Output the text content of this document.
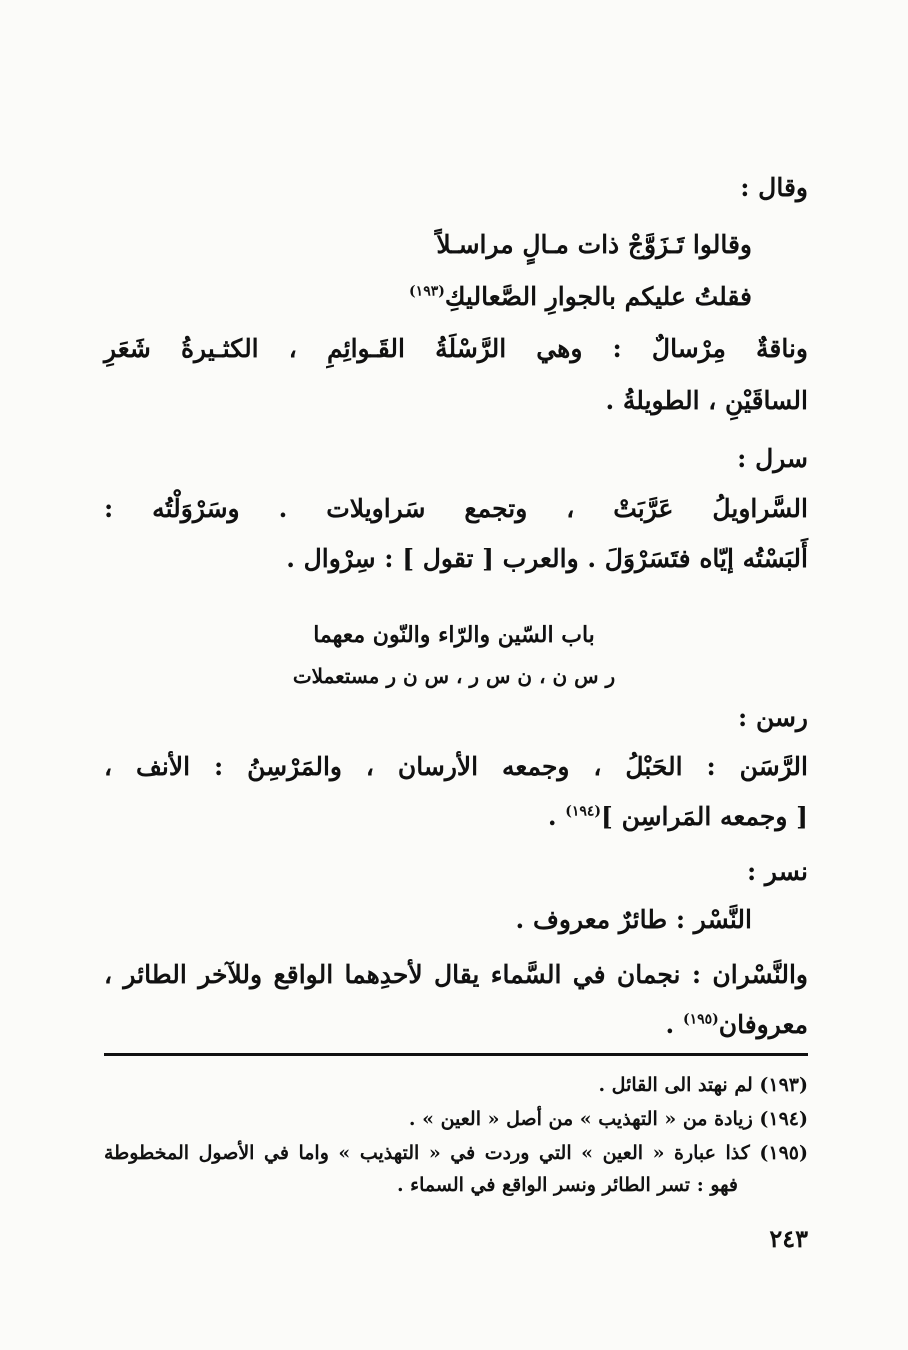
وقال :
وقالوا تَـزَوَّجْ ذات مـالٍ مراسـلاً
فقلتُ عليكم بالجوارِ الصَّعاليكِ$^{(١٩٣)}$
وناقةٌ مِرْسالٌ : وهي الرَّسْلَةُ القَـوائِمِ ، الكثـيرةُ شَعَرِ
الساقَيْنِ ، الطويلةُ .
سرل :
السَّراويلُ عَرَّبَتْ ، وتجمع سَراويلات . وسَرْوَلْتُه :
أَلبَسْتُه إيّاه فتَسَرْوَلَ . والعرب [ تقول ] : سِرْوال .
باب السّين والرّاء والنّون معهما
ر س ن ، ن س ر ، س ن ر مستعملات
رسن :
الرَّسَن : الحَبْلُ ، وجمعه الأرسان ، والمَرْسِنُ : الأنف ،
[ وجمعه المَراسِن ]$^{(١٩٤)}$ .
نسر :
النَّسْر : طائرٌ معروف .
والنَّسْران : نجمان في السَّماء يقال لأحدِهما الواقع وللآخر الطائر ،
معروفان$^{(١٩٥)}$ .
(١٩٣) لم نهتد الى القائل .
(١٩٤) زيادة من « التهذيب » من أصل « العين » .
(١٩٥) كذا عبارة « العين » التي وردت في « التهذيب » واما في الأصول المخطوطة
فهو : تسر الطائر ونسر الواقع في السماء .
٢٤٣
